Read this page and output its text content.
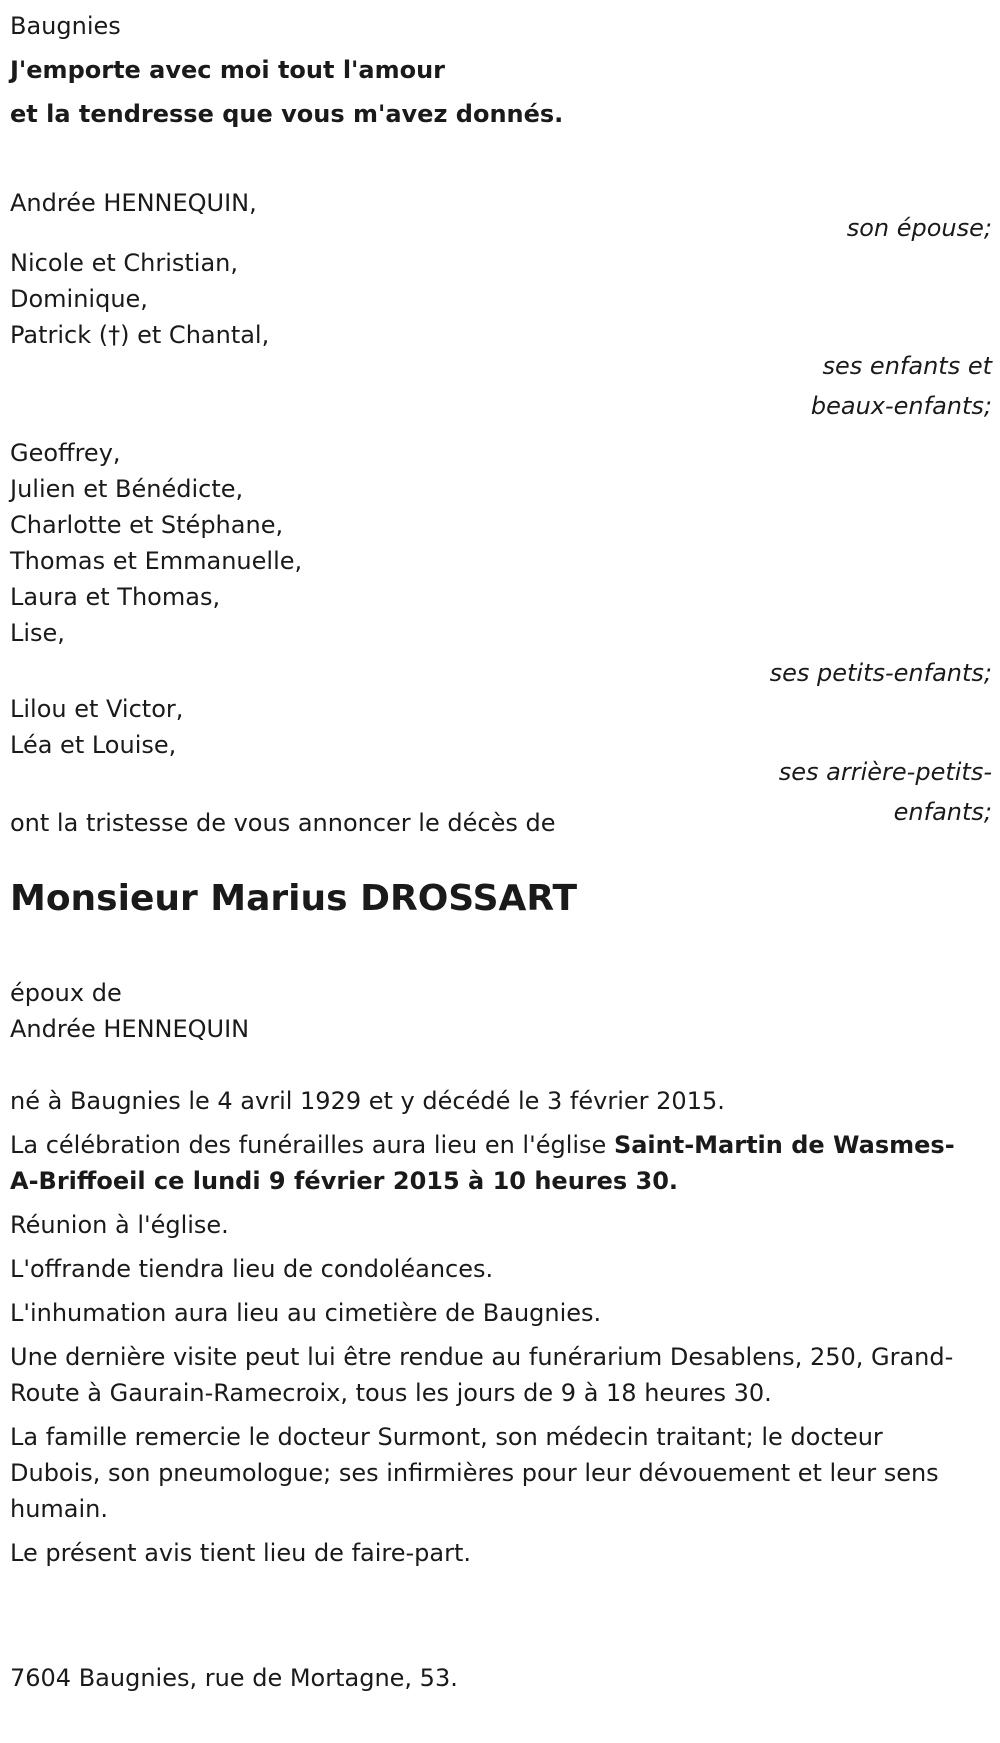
Baugnies
J'emporte avec moi tout l'amour
et la tendresse que vous m'avez donnés.
Andrée HENNEQUIN,
son épouse;
Nicole et Christian,
Dominique,
Patrick (†) et Chantal,
ses enfants et
beaux-enfants;
Geoffrey,
Julien et Bénédicte,
Charlotte et Stéphane,
Thomas et Emmanuelle,
Laura et Thomas,
Lise,
ses petits-enfants;
Lilou et Victor,
Léa et Louise,
ses arrière-petits-
enfants;
ont la tristesse de vous annoncer le décès de
Monsieur Marius DROSSART
époux de
Andrée HENNEQUIN
né à Baugnies le 4 avril 1929 et y décédé le 3 février 2015.
La célébration des funérailles aura lieu en l'église Saint-Martin de Wasmes-A-Briffoeil ce lundi 9 février 2015 à 10 heures 30.
Réunion à l'église.
L'offrande tiendra lieu de condoléances.
L'inhumation aura lieu au cimetière de Baugnies.
Une dernière visite peut lui être rendue au funérarium Desablens, 250, Grand-Route à Gaurain-Ramecroix, tous les jours de 9 à 18 heures 30.
La famille remercie le docteur Surmont, son médecin traitant; le docteur Dubois, son pneumologue; ses infirmières pour leur dévouement et leur sens humain.
Le présent avis tient lieu de faire-part.
7604 Baugnies, rue de Mortagne, 53.
